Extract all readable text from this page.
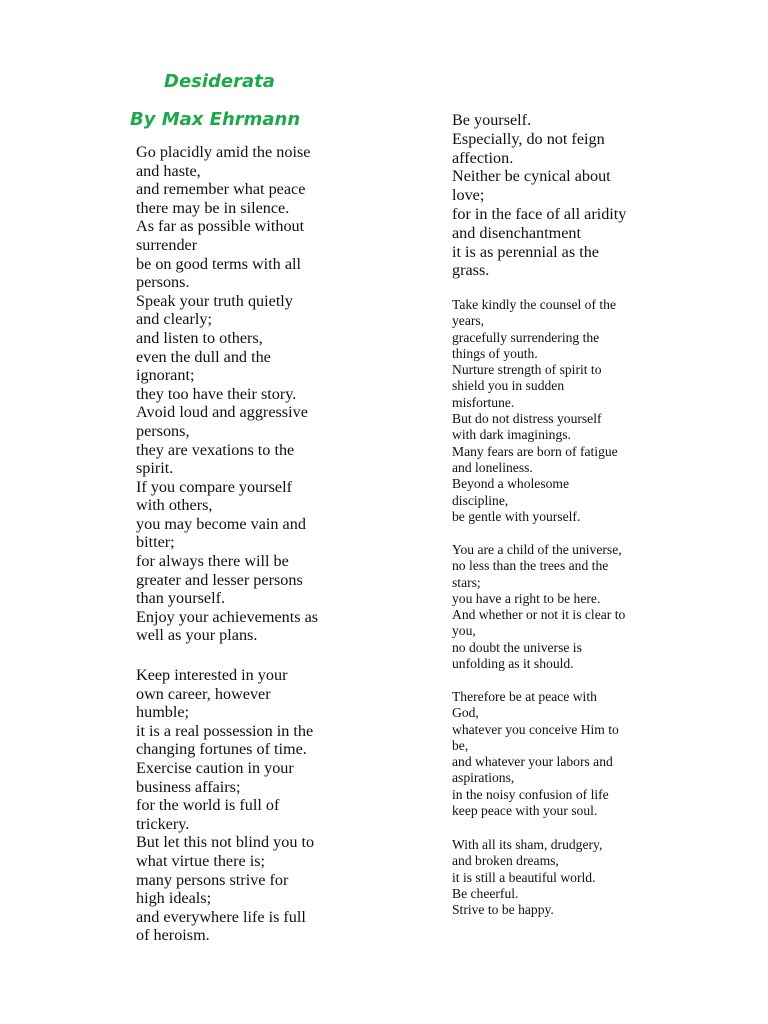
Desiderata
By Max Ehrmann
Go placidly amid the noise
and haste,
and remember what peace
there may be in silence.
As far as possible without
surrender
be on good terms with all
persons.
Speak your truth quietly
and clearly;
and listen to others,
even the dull and the
ignorant;
they too have their story.
Avoid loud and aggressive
persons,
they are vexations to the
spirit.
If you compare yourself
with others,
you may become vain and
bitter;
for always there will be
greater and lesser persons
than yourself.
Enjoy your achievements as
well as your plans.
Keep interested in your
own career, however
humble;
it is a real possession in the
changing fortunes of time.
Exercise caution in your
business affairs;
for the world is full of
trickery.
But let this not blind you to
what virtue there is;
many persons strive for
high ideals;
and everywhere life is full
of heroism.
Be yourself.
Especially, do not feign
affection.
Neither be cynical about
love;
for in the face of all aridity
and disenchantment
it is as perennial as the
grass.
Take kindly the counsel of the
years,
gracefully surrendering the
things of youth.
Nurture strength of spirit to
shield you in sudden
misfortune.
But do not distress yourself
with dark imaginings.
Many fears are born of fatigue
and loneliness.
Beyond a wholesome
discipline,
be gentle with yourself.
You are a child of the universe,
no less than the trees and the
stars;
you have a right to be here.
And whether or not it is clear to
you,
no doubt the universe is
unfolding as it should.
Therefore be at peace with
God,
whatever you conceive Him to
be,
and whatever your labors and
aspirations,
in the noisy confusion of life
keep peace with your soul.
With all its sham, drudgery,
and broken dreams,
it is still a beautiful world.
Be cheerful.
Strive to be happy.
